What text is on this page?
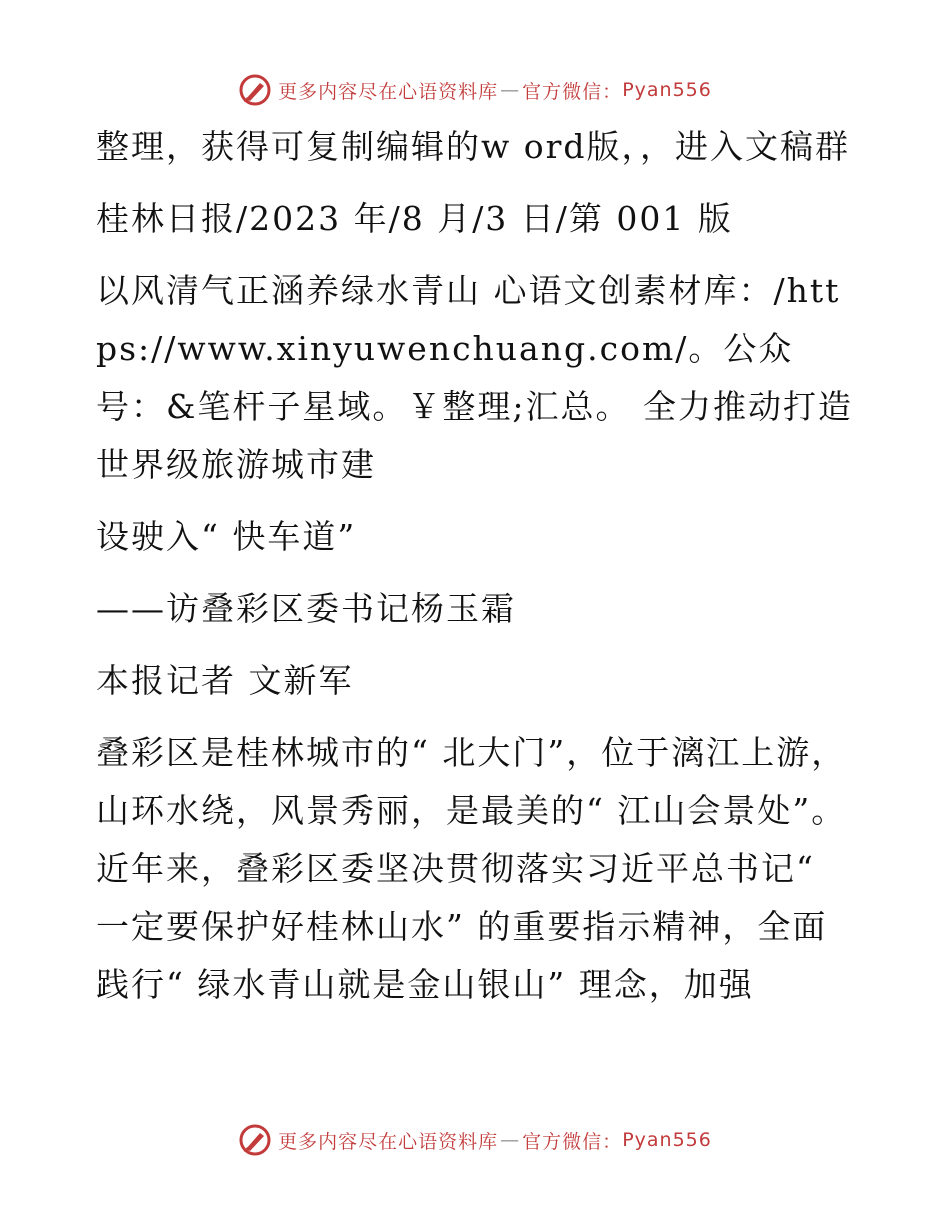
更多内容尽在心语资料库 — 官方微信： Pyan556

整理，获得可复制编辑的w ord版，，进入文稿群

桂林日报/2023 年/8 月/3 日/第 001 版

以风清气正涵养绿水青山 心语文创素材库：/https://www.xinyuwenchuang.com/。公众号：&笔杆子星域。￥整理;汇总。 全力推动打造世界级旅游城市建

设驶入“ 快车道”

——访叠彩区委书记杨玉霜

本报记者 文新军

叠彩区是桂林城市的“ 北大门”，位于漓江上游，山环水绕，风景秀丽，是最美的“ 江山会景处”。近年来，叠彩区委坚决贯彻落实习近平总书记“ 一定要保护好桂林山水” 的重要指示精神，全面践行“ 绿水青山就是金山银山” 理念，加强

更多内容尽在心语资料库 — 官方微信： Pyan556
